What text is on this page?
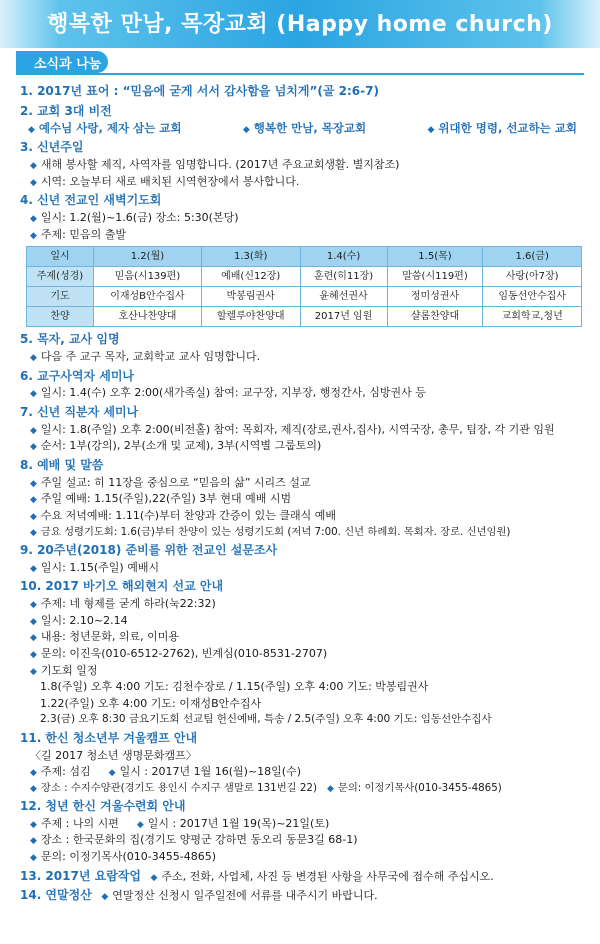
행복한 만남, 목장교회 (Happy home church)
소식과 나눔
1. 2017년 표어 : “믿음에 굳게 서서 감사함을 넘치게”(골 2:6-7)
2. 교회 3대 비전
◆ 예수님 사랑, 제자 삼는 교회	◆ 행복한 만남, 목장교회	◆ 위대한 명령, 선교하는 교회
3. 신년주일
◆ 새해 봉사할 제직, 사역자를 임명합니다. (2017년 주요교회생활. 별지참조)
◆ 시역: 오늘부터 새로 배치된 시역현장에서 봉사합니다.
4. 신년 전교인 새벽기도회
◆ 일시: 1.2(월)~1.6(금) 장소: 5:30(본당)
◆ 주제: 믿음의 출발
일시	1.2(월)	1.3(화)	1.4(수)	1.5(목)	1.6(금)
주제(성경)	믿음(시139편)	예배(신12장)	훈련(히11장)	말씀(시119편)	사랑(아7장)
기도	이재성B안수집사	박봉림권사	윤혜선권사	정미성권사	임동선안수집사
찬양	호산나찬양대	할렐루야찬양대	2017년 임원	샬롬찬양대	교회학교,청년
5. 목자, 교사 임명
◆ 다음 주 교구 목자, 교회학교 교사 임명합니다.
6. 교구사역자 세미나
◆ 일시: 1.4(수) 오후 2:00(새가족실) 참여: 교구장, 지부장, 행정간사, 심방권사 등
7. 신년 직분자 세미나
◆ 일시: 1.8(주일) 오후 2:00(비전홀) 참여: 목회자, 제직(장로,권사,집사), 시역국장, 총무, 팀장, 각 기관 임원
◆ 순서: 1부(강의), 2부(소개 및 교제), 3부(시역별 그룹토의)
8. 예배 및 말씀
◆ 주일 설교: 히 11장을 중심으로 “믿음의 삶” 시리즈 설교
◆ 주일 예배: 1.15(주일),22(주일) 3부 현대 예배 시범
◆ 수요 저녁예배: 1.11(수)부터 찬양과 간증이 있는 클래식 예배
◆ 금요 성령기도회: 1.6(금)부터 찬양이 있는 성령기도회 (저녁 7:00. 신년 하례회. 목회자. 장로. 신년임원)
9. 20주년(2018) 준비를 위한 전교인 설문조사
◆ 일시: 1.15(주일) 예배시
10. 2017 바기오 해외현지 선교 안내
◆ 주제: 네 형제를 굳게 하라(눅22:32)
◆ 일시: 2.10~2.14
◆ 내용: 청년문화, 의료, 이미용
◆ 문의: 이진욱(010-6512-2762), 빈계심(010-8531-2707)
◆ 기도회 일정
1.8(주일) 오후 4:00 기도: 김천수장로 / 1.15(주일) 오후 4:00 기도: 박봉림권사
1.22(주일) 오후 4:00 기도: 이재성B안수집사
2.3(금) 오후 8:30 금요기도회 선교팀 헌신예배, 특송 / 2.5(주일) 오후 4:00 기도: 임동선안수집사
11. 한신 청소년부 겨울캠프 안내
〈길 2017 청소년 생명문화캠프〉
◆ 주제: 섬김 ◆ 일시 : 2017년 1월 16(월)~18일(수)
◆ 장소 : 수지수양관(경기도 용인시 수지구 샘말로 131번길 22) ◆ 문의: 이정기목사(010-3455-4865)
12. 청년 한신 겨울수련회 안내
◆ 주제 : 나의 시편 ◆ 일시 : 2017년 1월 19(목)~21일(토)
◆ 장소 : 한국문화의 집(경기도 양평군 강하면 동오리 동문3길 68-1)
◆ 문의: 이정기목사(010-3455-4865)
13. 2017년 요람작업 ◆ 주소, 전화, 사업체, 사진 등 변경된 사항을 사무국에 접수해 주십시오.
14. 연말정산 ◆ 연말정산 신청시 일주일전에 서류를 내주시기 바랍니다.
